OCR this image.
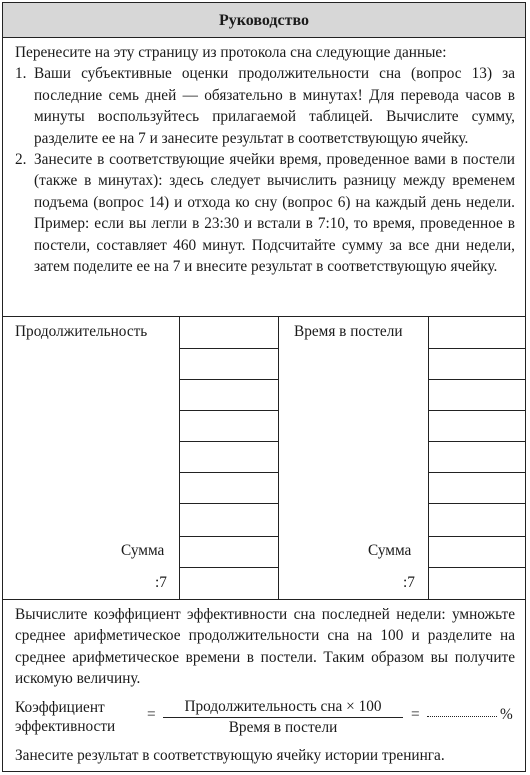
Руководство

Перенесите на эту страницу из протокола сна следующие данные:

1. Ваши субъективные оценки продолжительности сна (вопрос 13) за последние семь дней — обязательно в минутах! Для перевода часов в минуты воспользуйтесь прилагаемой таблицей. Вычислите сумму, разделите ее на 7 и занесите результат в соответствующую ячейку.
2. Занесите в соответствующие ячейки время, проведенное вами в постели (также в минутах): здесь следует вычислить разницу между временем подъема (вопрос 14) и отхода ко сну (вопрос 6) на каждый день недели. Пример: если вы легли в 23:30 и встали в 7:10, то время, проведенное в постели, составляет 460 минут. Подсчитайте сумму за все дни недели, затем поделите ее на 7 и внесите результат в соответствующую ячейку.
Продолжительность
Сумма
:7
Время в постели
Сумма
:7
Вычислите коэффициент эффективности сна последней недели: умножьте среднее арифметическое продолжительности сна на 100 и разделите на среднее арифметическое времени в постели. Таким образом вы получите искомую величину.
Коэффициент
эффективности
=	Продолжительность сна × 100
Время в постели
=	%
Занесите результат в соответствующую ячейку истории тренинга.
